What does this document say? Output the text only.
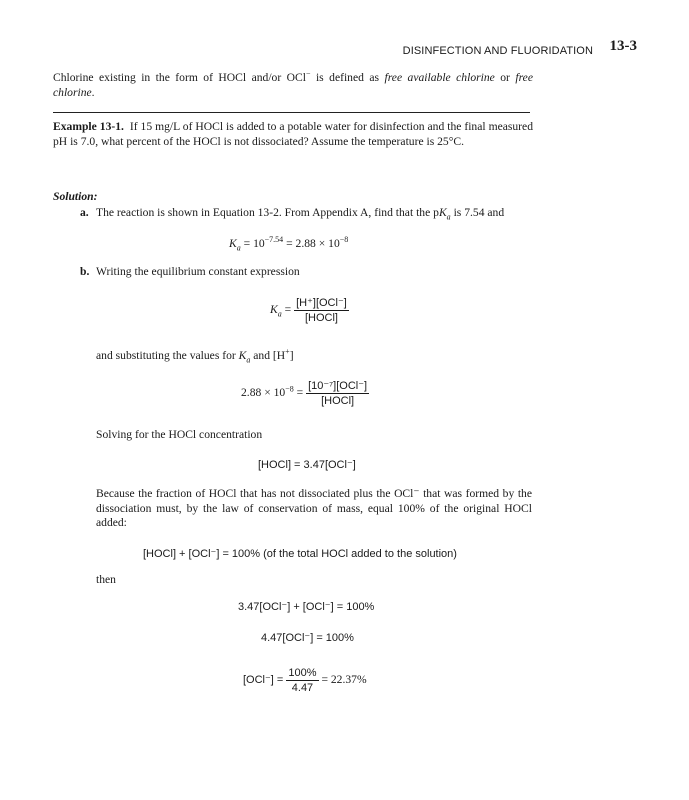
DISINFECTION AND FLUORIDATION 13-3
Chlorine existing in the form of HOCl and/or OCl− is defined as free available chlorine or free chlorine.
Example 13-1. If 15 mg/L of HOCl is added to a potable water for disinfection and the final measured pH is 7.0, what percent of the HOCl is not dissociated? Assume the temperature is 25°C.
Solution:
a. The reaction is shown in Equation 13-2. From Appendix A, find that the $pK_a$ is 7.54 and
$K_a = 10^{-7.54} = 2.88 \times 10^{-8}$
b. Writing the equilibrium constant expression
$K_a = \frac{\text{[H⁺][OCl⁻]}}{\text{[HOCl]}}$
and substituting the values for $K_a$ and [H+]
$2.88 \times 10^{-8} = \frac{\text{[10⁻⁷][OCl⁻]}}{\text{[HOCl]}}$
Solving for the HOCl concentration
[HOCl] = 3.47[OCl⁻]
Because the fraction of HOCl that has not dissociated plus the OCl⁻ that was formed by the dissociation must, by the law of conservation of mass, equal 100% of the original HOCl added:
[HOCl] + [OCl⁻] = 100% (of the total HOCl added to the solution)
then
3.47[OCl⁻] + [OCl⁻] = 100%
4.47[OCl⁻] = 100%
$[OCl^-] = \frac{100\%}{4.47} = 22.37\%$
